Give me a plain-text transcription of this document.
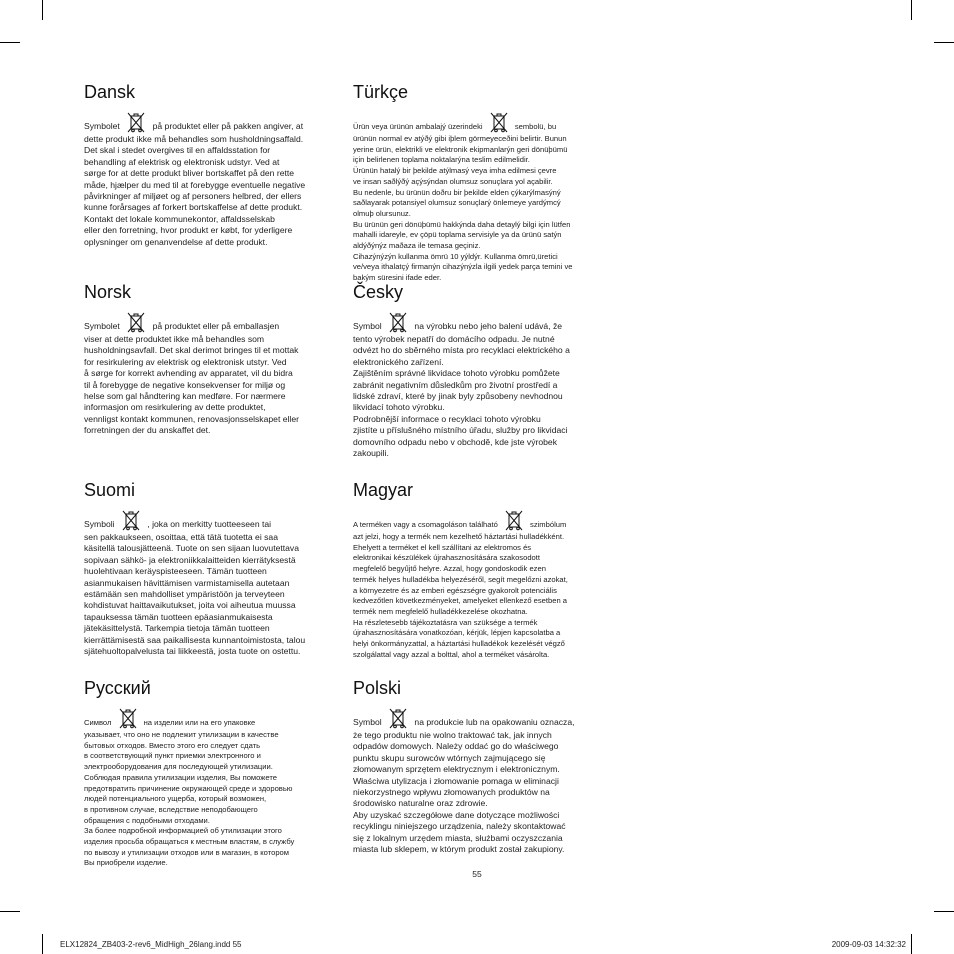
Dansk
Symbolet	på produktet eller på pakken angiver, at
dette produkt ikke må behandles som husholdningsaffald.
Det skal i stedet overgives til en affaldsstation for
behandling af elektrisk og elektronisk udstyr. Ved at
sørge for at dette produkt bliver bortskaffet på den rette
måde, hjælper du med til at forebygge eventuelle negative
påvirkninger af miljøet og af personers helbred, der ellers
kunne forårsages af forkert bortskaffelse af dette produkt.
Kontakt det lokale kommunekontor, affaldsselskab
eller den forretning, hvor produkt er købt, for yderligere
oplysninger om genanvendelse af dette produkt.
Norsk
Symbolet	på produktet eller på emballasjen
viser at dette produktet ikke må behandles som
husholdningsavfall. Det skal derimot bringes til et mottak
for resirkulering av elektrisk og elektronisk utstyr. Ved
å sørge for korrekt avhending av apparatet, vil du bidra
til å forebygge de negative konsekvenser for miljø og
helse som gal håndtering kan medføre. For nærmere
informasjon om resirkulering av dette produktet,
vennligst kontakt kommunen, renovasjonsselskapet eller
forretningen der du anskaffet det.
Suomi
Symboli	, joka on merkitty tuotteeseen tai
sen pakkaukseen, osoittaa, että tätä tuotetta ei saa
käsitellä talousjätteenä. Tuote on sen sijaan luovutettava
sopivaan sähkö- ja elektroniikkalaitteiden kierrätyksestä
huolehtivaan keräyspisteeseen. Tämän tuotteen
asianmukaisen hävittämisen varmistamisella autetaan
estämään sen mahdolliset ympäristöön ja terveyteen
kohdistuvat haittavaikutukset, joita voi aiheutua muussa
tapauksessa tämän tuotteen epäasianmukaisesta
jätekäsittelystä. Tarkempia tietoja tämän tuotteen
kierrättämisestä saa paikallisesta kunnantoimistosta, talou
sjätehuoltopalvelusta tai liikkeestä, josta tuote on ostettu.
Русский
Символ	на изделии или на его упаковке
указывает, что оно не подлежит утилизации в качестве
бытовых отходов. Вместо этого его следует сдать
в соответствующий пункт приемки электронного и
электрооборудования для последующей утилизации.
Соблюдая правила утилизации изделия, Вы поможете
предотвратить причинение окружающей среде и здоровью
людей потенциального ущерба, который возможен,
в противном случае, вследствие неподобающего
обращения с подобными отходами.
За более подробной информацией об утилизации этого
изделия просьба обращаться к местным властям, в службу
по вывозу и утилизации отходов или в магазин, в котором
Вы приобрели изделие.
Türkçe
Ürün veya ürünün ambalajý üzerindeki	sembolü, bu
ürünün normal ev atýðý gibi iþlem görmeyeceðini belirtir. Bunun
yerine ürün, elektrikli ve elektronik ekipmanlarýn geri dönüþümü
için belirlenen toplama noktalarýna teslim edilmelidir.
Ürünün hatalý bir þekilde atýlmasý veya imha edilmesi çevre
ve insan saðlýðý açýsýndan olumsuz sonuçlara yol açabilir.
Bu nedenle, bu ürünün doðru bir þekilde elden çýkarýlmasýný
saðlayarak potansiyel olumsuz sonuçlarý önlemeye yardýmcý
olmuþ olursunuz.
Bu ürünün geri dönüþümü hakkýnda daha detaylý bilgi için lütfen
mahalli idareyle, ev çöpü toplama servisiyle ya da ürünü satýn
aldýðýnýz maðaza ile temasa geçiniz.
Cihazýnýzýn kullanma ömrü 10 yýldýr. Kullanma ömrü,üretici
ve/veya ithalatçý firmanýn cihazýnýzla ilgili yedek parça temini ve
bakým süresini ifade eder.
Česky
Symbol	na výrobku nebo jeho balení udává, že
tento výrobek nepatří do domácího odpadu. Je nutné
odvézt ho do sběrného místa pro recyklaci elektrického a
elektronického zařízení.
Zajištěním správné likvidace tohoto výrobku pomůžete
zabránit negativním důsledkům pro životní prostředí a
lidské zdraví, které by jinak byly způsobeny nevhodnou
likvidací tohoto výrobku.
Podrobnější informace o recyklaci tohoto výrobku
zjistíte u příslušného místního úřadu, služby pro likvidaci
domovního odpadu nebo v obchodě, kde jste výrobek
zakoupili.
Magyar
A terméken vagy a csomagoláson található	szimbólum
azt jelzi, hogy a termék nem kezelhető háztartási hulladékként.
Ehelyett a terméket el kell szállítani az elektromos és
elektronikai készülékek újrahasznosítására szakosodott
megfelelő begyűjtő helyre. Azzal, hogy gondoskodik ezen
termék helyes hulladékba helyezéséről, segít megelőzni azokat,
a környezetre és az emberi egészségre gyakorolt potenciális
kedvezőtlen következményeket, amelyeket ellenkező esetben a
termék nem megfelelő hulladékkezelése okozhatna.
Ha részletesebb tájékoztatásra van szüksége a termék
újrahasznosítására vonatkozóan, kérjük, lépjen kapcsolatba a
helyi önkormányzattal, a háztartási hulladékok kezelését végző
szolgálattal vagy azzal a bolttal, ahol a terméket vásárolta.
Polski
Symbol	na produkcie lub na opakowaniu oznacza,
że tego produktu nie wolno traktować tak, jak innych
odpadów domowych. Należy oddać go do właściwego
punktu skupu surowców wtórnych zajmującego się
złomowanym sprzętem elektrycznym i elektronicznym.
Właściwa utylizacja i złomowanie pomaga w eliminacji
niekorzystnego wpływu złomowanych produktów na
środowisko naturalne oraz zdrowie.
Aby uzyskać szczegółowe dane dotyczące możliwości
recyklingu niniejszego urządzenia, należy skontaktować
się z lokalnym urzędem miasta, służbami oczyszczania
miasta lub sklepem, w którym produkt został zakupiony.
55
ELX12824_ZB403-2-rev6_MidHigh_26lang.indd 55	2009-09-03 14:32:32
